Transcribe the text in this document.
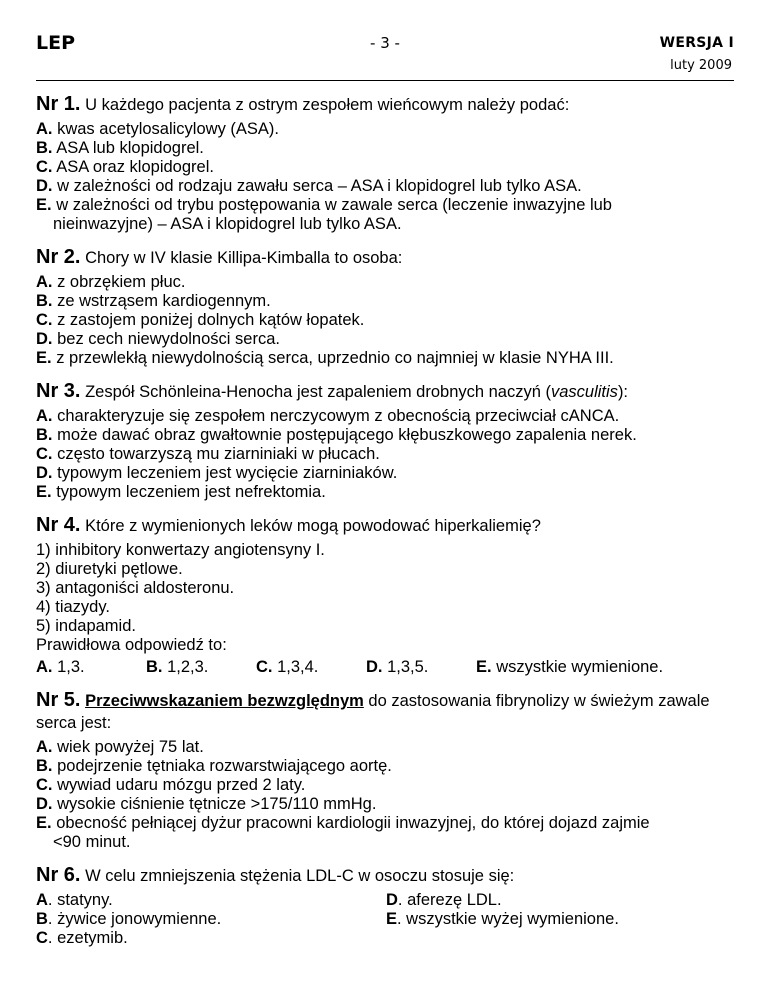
LEP	- 3 -	WERSJA I
luty 2009
Nr 1. U każdego pacjenta z ostrym zespołem wieńcowym należy podać:
A. kwas acetylosalicylowy (ASA).
B. ASA lub klopidogrel.
C. ASA oraz klopidogrel.
D. w zależności od rodzaju zawału serca – ASA i klopidogrel lub tylko ASA.
E. w zależności od trybu postępowania w zawale serca (leczenie inwazyjne lub
nieinwazyjne) – ASA i klopidogrel lub tylko ASA.
Nr 2. Chory w IV klasie Killipa-Kimballa to osoba:
A. z obrzękiem płuc.
B. ze wstrząsem kardiogennym.
C. z zastojem poniżej dolnych kątów łopatek.
D. bez cech niewydolności serca.
E. z przewlekłą niewydolnością serca, uprzednio co najmniej w klasie NYHA III.
Nr 3. Zespół Schönleina-Henocha jest zapaleniem drobnych naczyń (vasculitis):
A. charakteryzuje się zespołem nerczycowym z obecnością przeciwciał cANCA.
B. może dawać obraz gwałtownie postępującego kłębuszkowego zapalenia nerek.
C. często towarzyszą mu ziarniniaki w płucach.
D. typowym leczeniem jest wycięcie ziarniniaków.
E. typowym leczeniem jest nefrektomia.
Nr 4. Które z wymienionych leków mogą powodować hiperkaliemię?
1) inhibitory konwertazy angiotensyny I.
2) diuretyki pętlowe.
3) antagoniści aldosteronu.
4) tiazydy.
5) indapamid.
Prawidłowa odpowiedź to:
A. 1,3.	B. 1,2,3.	C. 1,3,4.	D. 1,3,5.	E. wszystkie wymienione.
Nr 5. Przeciwwskazaniem bezwzględnym do zastosowania fibrynolizy w świeżym zawale serca jest:
A. wiek powyżej 75 lat.
B. podejrzenie tętniaka rozwarstwiającego aortę.
C. wywiad udaru mózgu przed 2 laty.
D. wysokie ciśnienie tętnicze >175/110 mmHg.
E. obecność pełniącej dyżur pracowni kardiologii inwazyjnej, do której dojazd zajmie
<90 minut.
Nr 6. W celu zmniejszenia stężenia LDL-C w osoczu stosuje się:
A. statyny.
B. żywice jonowymienne.
C. ezetymib.
D. aferezę LDL.
E. wszystkie wyżej wymienione.
